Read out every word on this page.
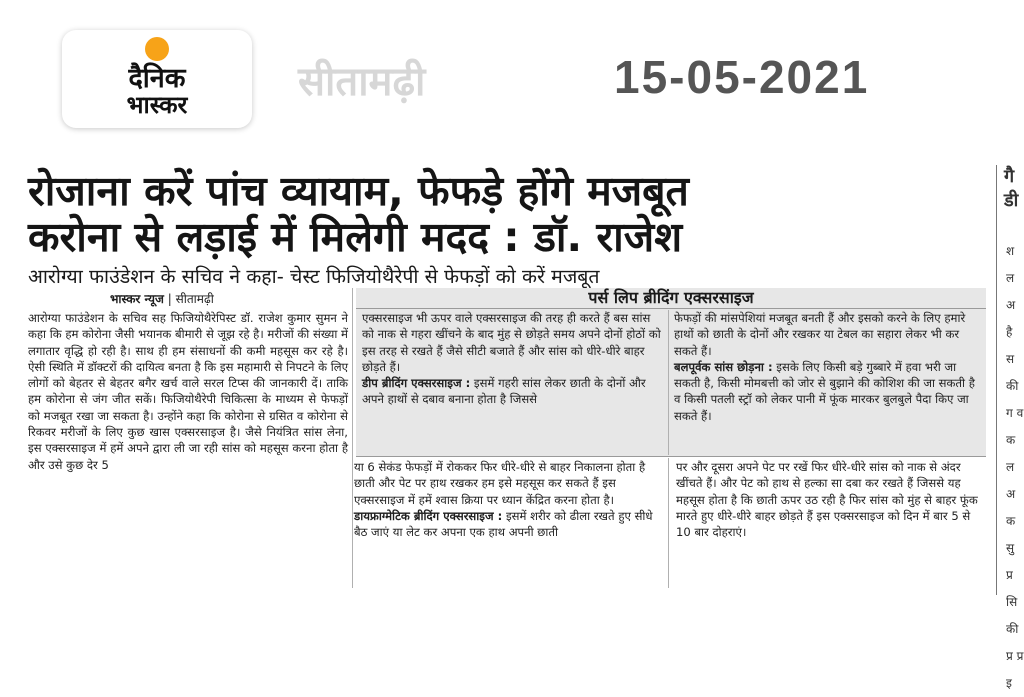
दैनिक
भास्कर	सीतामढ़ी	15-05-2021
रोजाना करें पांच व्यायाम, फेफड़े होंगे मजबूत
करोना से लड़ाई में मिलेगी मदद : डॉ. राजेश
आरोग्या फाउंडेशन के सचिव ने कहा- चेस्ट फिजियोथैरेपी से फेफड़ों को करें मजबूत
भास्कर न्यूज | सीतामढ़ी
आरोग्या फाउंडेशन के सचिव सह फिजियोथैरेपिस्ट डॉ. राजेश कुमार सुमन ने कहा कि हम कोरोना जैसी भयानक बीमारी से जूझ रहे है। मरीजों की संख्या में लगातार वृद्धि हो रही है। साथ ही हम संसाधनों की कमी महसूस कर रहे है। ऐसी स्थिति में डॉक्टरों की दायित्व बनता है कि इस महामारी से निपटने के लिए लोगों को बेहतर से बेहतर बगैर खर्च वाले सरल टिप्स की जानकारी दें। ताकि हम कोरोना से जंग जीत सकें। फिजियोथैरेपी चिकित्सा के माध्यम से फेफड़ों को मजबूत रखा जा सकता है। उन्होंने कहा कि कोरोना से ग्रसित व कोरोना से रिकवर मरीजों के लिए कुछ खास एक्सरसाइज है। जैसे नियंत्रित सांस लेना, इस एक्सरसाइज में हमें अपने द्वारा ली जा रही सांस को महसूस करना होता है और उसे कुछ देर 5
पर्स लिप ब्रीदिंग एक्सरसाइज

एक्सरसाइज भी ऊपर वाले एक्सरसाइज की तरह ही करते हैं बस सांस को नाक से गहरा खींचने के बाद मुंह से छोड़ते समय अपने दोनों होठों को इस तरह से रखते हैं जैसे सीटी बजाते हैं और सांस को धीरे-धीरे बाहर छोड़ते हैं।

डीप ब्रीदिंग एक्सरसाइज : इसमें गहरी सांस लेकर छाती के दोनों और अपने हाथों से दबाव बनाना होता है जिससे

फेफड़ों की मांसपेशियां मजबूत बनती हैं और इसको करने के लिए हमारे हाथों को छाती के दोनों और रखकर या टेबल का सहारा लेकर भी कर सकते हैं।

बलपूर्वक सांस छोड़ना : इसके लिए किसी बड़े गुब्बारे में हवा भरी जा सकती है, किसी मोमबत्ती को जोर से बुझाने की कोशिश की जा सकती है व किसी पतली स्ट्रॉ को लेकर पानी में फूंक मारकर बुलबुले पैदा किए जा सकते हैं।

या 6 सेकंड फेफड़ों में रोककर फिर धीरे-धीरे से बाहर निकालना होता है छाती और पेट पर हाथ रखकर हम इसे महसूस कर सकते हैं इस एक्सरसाइज में हमें श्वास क्रिया पर ध्यान केंद्रित करना होता है।

डायफ्राग्मेटिक ब्रीदिंग एक्सरसाइज : इसमें शरीर को ढीला रखते हुए सीधे बैठ जाएं या लेट कर अपना एक हाथ अपनी छाती

पर और दूसरा अपने पेट पर रखें फिर धीरे-धीरे सांस को नाक से अंदर खींचते हैं। और पेट को हाथ से हल्का सा दबा कर रखते हैं जिससे यह महसूस होता है कि छाती ऊपर उठ रही है फिर सांस को मुंह से बाहर फूंक मारते हुए धीरे-धीरे बाहर छोड़ते हैं इस एक्सरसाइज को दिन में बार 5 से 10 बार दोहराएं।
गै डी
श ल अ है स की ग व क ल अ क सु प्र सि की प्र प्र इ
